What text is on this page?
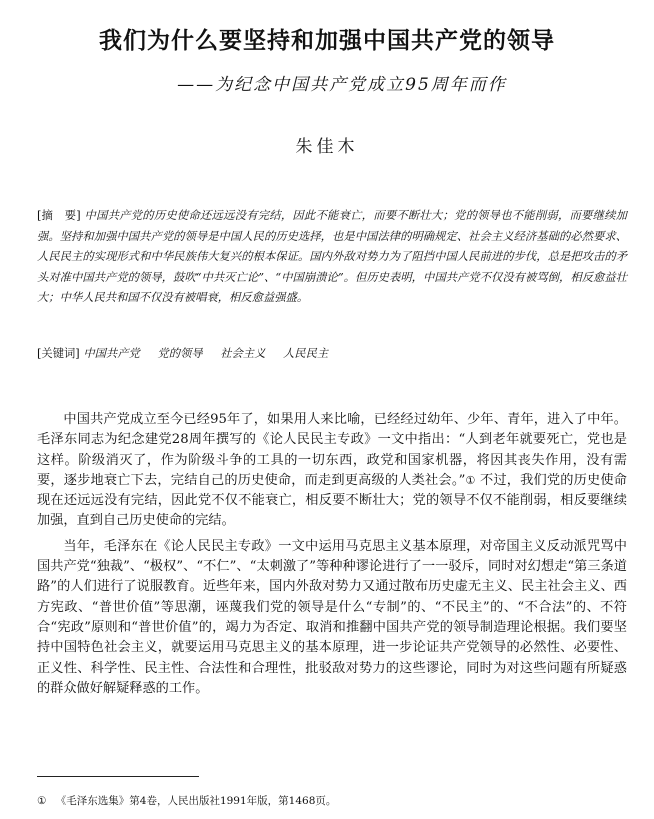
我们为什么要坚持和加强中国共产党的领导
——为纪念中国共产党成立95周年而作
朱佳木
[摘　要] 中国共产党的历史使命还远远没有完结，因此不能衰亡，而要不断壮大；党的领导也不能削弱，而要继续加强。坚持和加强中国共产党的领导是中国人民的历史选择，也是中国法律的明确规定、社会主义经济基础的必然要求、人民民主的实现形式和中华民族伟大复兴的根本保证。国内外敌对势力为了阻挡中国人民前进的步伐，总是把攻击的矛头对准中国共产党的领导，鼓吹“中共灭亡论”、“中国崩溃论”。但历史表明，中国共产党不仅没有被骂倒，相反愈益壮大；中华人民共和国不仅没有被唱衰，相反愈益强盛。
[关键词] 中国共产党 党的领导 社会主义 人民民主

中国共产党成立至今已经95年了，如果用人来比喻，已经经过幼年、少年、青年，进入了中年。毛泽东同志为纪念建党28周年撰写的《论人民民主专政》一文中指出：“人到老年就要死亡，党也是这样。阶级消灭了，作为阶级斗争的工具的一切东西，政党和国家机器，将因其丧失作用，没有需要，逐步地衰亡下去，完结自己的历史使命，而走到更高级的人类社会。”① 不过，我们党的历史使命现在还远远没有完结，因此党不仅不能衰亡，相反要不断壮大；党的领导不仅不能削弱，相反要继续加强，直到自己历史使命的完结。

当年，毛泽东在《论人民民主专政》一文中运用马克思主义基本原理，对帝国主义反动派咒骂中国共产党“独裁”、“极权”、“不仁”、“太刺激了”等种种谬论进行了一一驳斥，同时对幻想走“第三条道路”的人们进行了说服教育。近些年来，国内外敌对势力又通过散布历史虚无主义、民主社会主义、西方宪政、“普世价值”等思潮，诬蔑我们党的领导是什么“专制”的、“不民主”的、“不合法”的、不符合“宪政”原则和“普世价值”的，竭力为否定、取消和推翻中国共产党的领导制造理论根据。我们要坚持中国特色社会主义，就要运用马克思主义的基本原理，进一步论证共产党领导的必然性、必要性、正义性、科学性、民主性、合法性和合理性，批驳敌对势力的这些谬论，同时为对这些问题有所疑惑的群众做好解疑释惑的工作。

① 《毛泽东选集》第4卷，人民出版社1991年版，第1468页。
